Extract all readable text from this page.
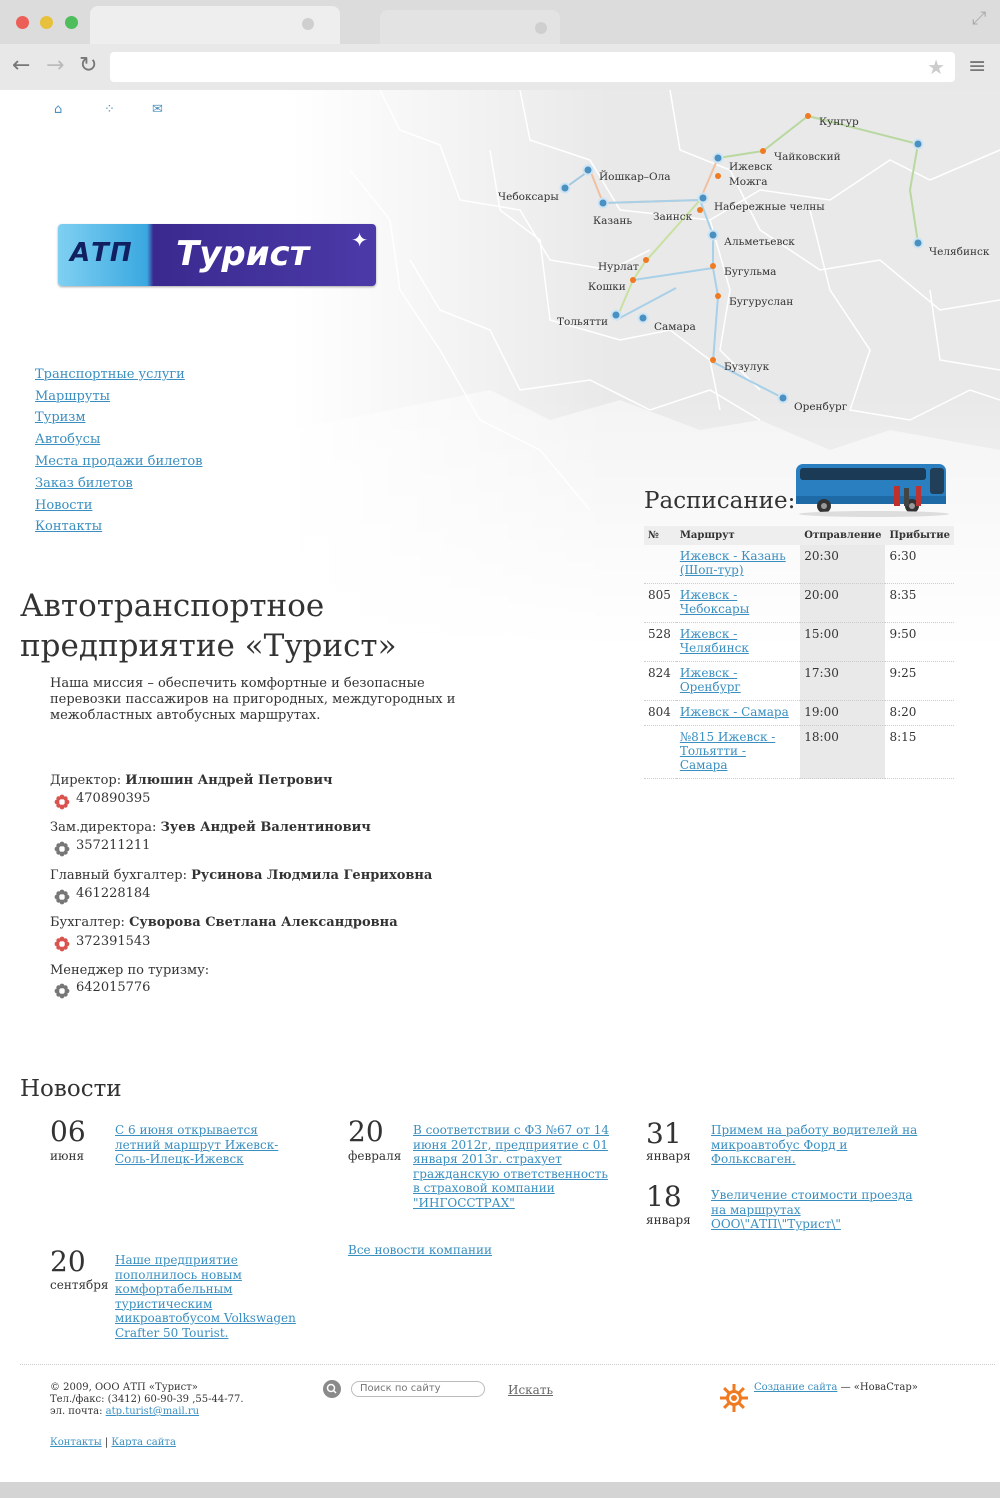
⤢
← → ↻	★ ≡
Кунгур
Чайковский
Ижевск
Можга
Йошкар–Ола
Чебоксары
Казань Заинск
Набережные челны
Альметьевск
Челябинск
Нурлат	Бугульма
Кошки
Бугуруслан
Тольятти	Самара
Бузулук
Оренбург
⌂	⁘	✉
АТП Турист ✦
Транспортные услуги
Маршруты
Туризм
Автобусы
Места продажи билетов
Заказ билетов
Новости
Контакты
Автотранспортное
предприятие «Турист»
Наша миссия – обеспечить комфортные и безопасные перевозки пассажиров на пригородных, междугородных и межобластных автобусных маршрутах.
Директор: Илюшин Андрей Петрович
470890395
Зам.директора: Зуев Андрей Валентинович
357211211
Главный бухгалтер: Русинова Людмила Генриховна
461228184
Бухгалтер: Суворова Светлана Александровна
372391543
Менеджер по туризму:
642015776
Расписание:
№	Маршрут	Отправление	Прибытие
	Ижевск - Казань (Шоп-тур)	20:30	6:30
805	Ижевск - Чебоксары	20:00	8:35
528	Ижевск - Челябинск	15:00	9:50
824	Ижевск - Оренбург	17:30	9:25
804	Ижевск - Самара	19:00	8:20
	№815 Ижевск - Тольятти - Самара	18:00	8:15
Новости
06
июня
С 6 июня открывается летний маршрут Ижевск-Соль-Илецк-Ижевск
20
февраля
В соответствии с ФЗ №67 от 14 июня 2012г, предприятие с 01 января 2013г. страхует гражданскую ответственность в страховой компании "ИНГОССТРАХ"
31
января
Примем на работу водителей на микроавтобус Форд и Фольксваген.
18
января
Увеличение стоимости проезда на маршрутах ООО\"АТП\"Турист\"
20
сентября
Наше предприятие пополнилось новым комфортабельным туристическим микроавтобусом Volkswagen Crafter 50 Tourist.
Все новости компании
© 2009, ООО АТП «Турист»
Тел./факс: (3412) 60-90-39 ,55-44-77.
эл. почта: atp.turist@mail.ru
Контакты | Карта сайта
Поиск по сайту
Искать	Создание сайта — «НоваСтар»
